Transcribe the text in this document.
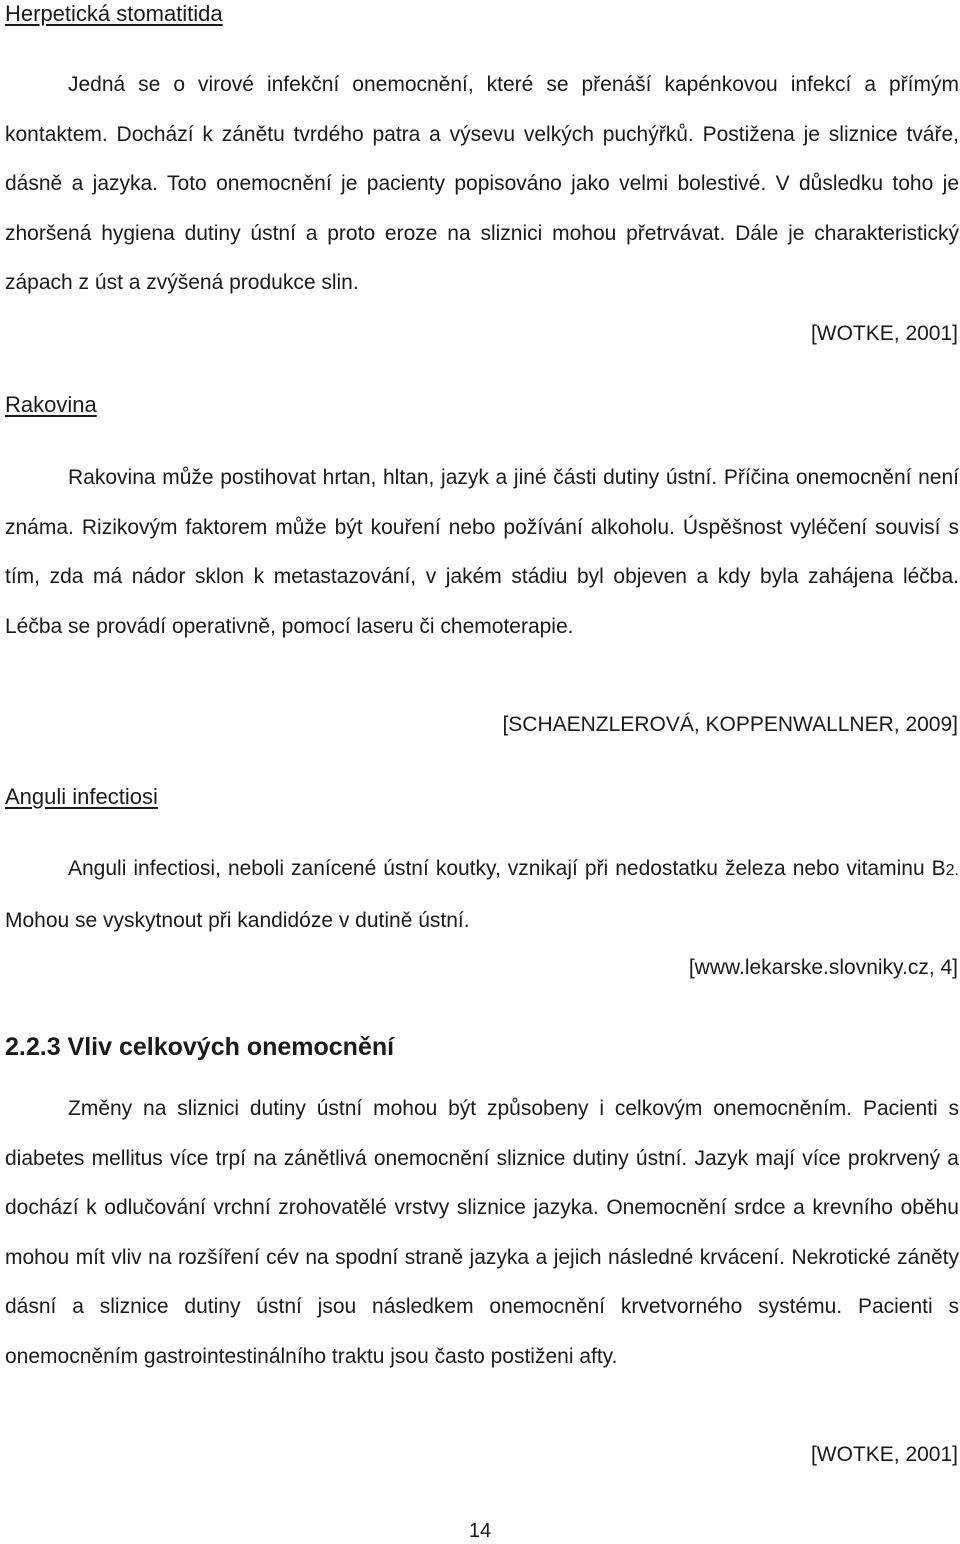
Herpetická stomatitida

Jedná se o virové infekční onemocnění, které se přenáší kapénkovou infekcí a přímým kontaktem. Dochází k zánětu tvrdého patra a výsevu velkých puchýřků. Postižena je sliznice tváře, dásně a jazyka. Toto onemocnění je pacienty popisováno jako velmi bolestivé. V důsledku toho je zhoršená hygiena dutiny ústní a proto eroze na sliznici mohou přetrvávat. Dále je charakteristický zápach z úst a zvýšená produkce slin.

[WOTKE, 2001]

Rakovina

Rakovina může postihovat hrtan, hltan, jazyk a jiné části dutiny ústní. Příčina onemocnění není známa. Rizikovým faktorem může být kouření nebo požívání alkoholu. Úspěšnost vyléčení souvisí s tím, zda má nádor sklon k metastazování, v jakém stádiu byl objeven a kdy byla zahájena léčba. Léčba se provádí operativně, pomocí laseru či chemoterapie.

[SCHAENZLEROVÁ, KOPPENWALLNER, 2009]

Anguli infectiosi

Anguli infectiosi, neboli zanícené ústní koutky, vznikají při nedostatku železa nebo vitaminu B2. Mohou se vyskytnout při kandidóze v dutině ústní.

[www.lekarske.slovniky.cz, 4]

2.2.3 Vliv celkových onemocnění

Změny na sliznici dutiny ústní mohou být způsobeny i celkovým onemocněním. Pacienti s diabetes mellitus více trpí na zánětlivá onemocnění sliznice dutiny ústní. Jazyk mají více prokrvený a dochází k odlučování vrchní zrohovatělé vrstvy sliznice jazyka. Onemocnění srdce a krevního oběhu mohou mít vliv na rozšíření cév na spodní straně jazyka a jejich následné krvácení. Nekrotické záněty dásní a sliznice dutiny ústní jsou následkem onemocnění krvetvorného systému. Pacienti s onemocněním gastrointestinálního traktu jsou často postiženi afty.

[WOTKE, 2001]

14
